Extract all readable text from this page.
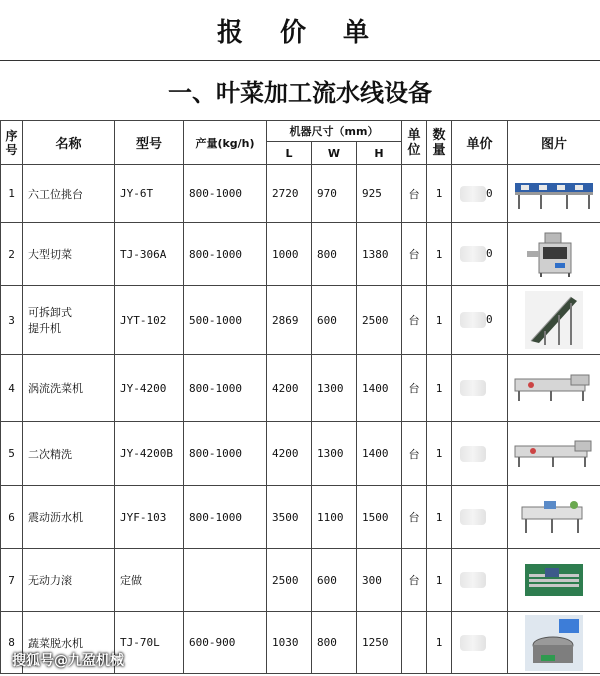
报 价 单
一、叶菜加工流水线设备
序号	名称	型号	产量(kg/h)	机器尺寸（mm）			单位	数量	单价	图片
				L	W	H				
1	六工位挑台	JY-6T	800-1000	2720	970	925	台	1	0	

2	大型切菜	TJ-306A	800-1000	1000	800	1380	台	1	0	

3	可拆卸式
提升机	JYT-102	500-1000	2869	600	2500	台	1	0	

4	涡流洗菜机	JY-4200	800-1000	4200	1300	1400	台	1		

5	二次精洗	JY-4200B	800-1000	4200	1300	1400	台	1		

6	震动沥水机	JYF-103	800-1000	3500	1100	1500	台	1		

7	无动力滚	定做		2500	600	300	台	1		

8	蔬菜脱水机	TJ-70L	600-900	1030	800	1250		1		
搜狐号@九盈机械
